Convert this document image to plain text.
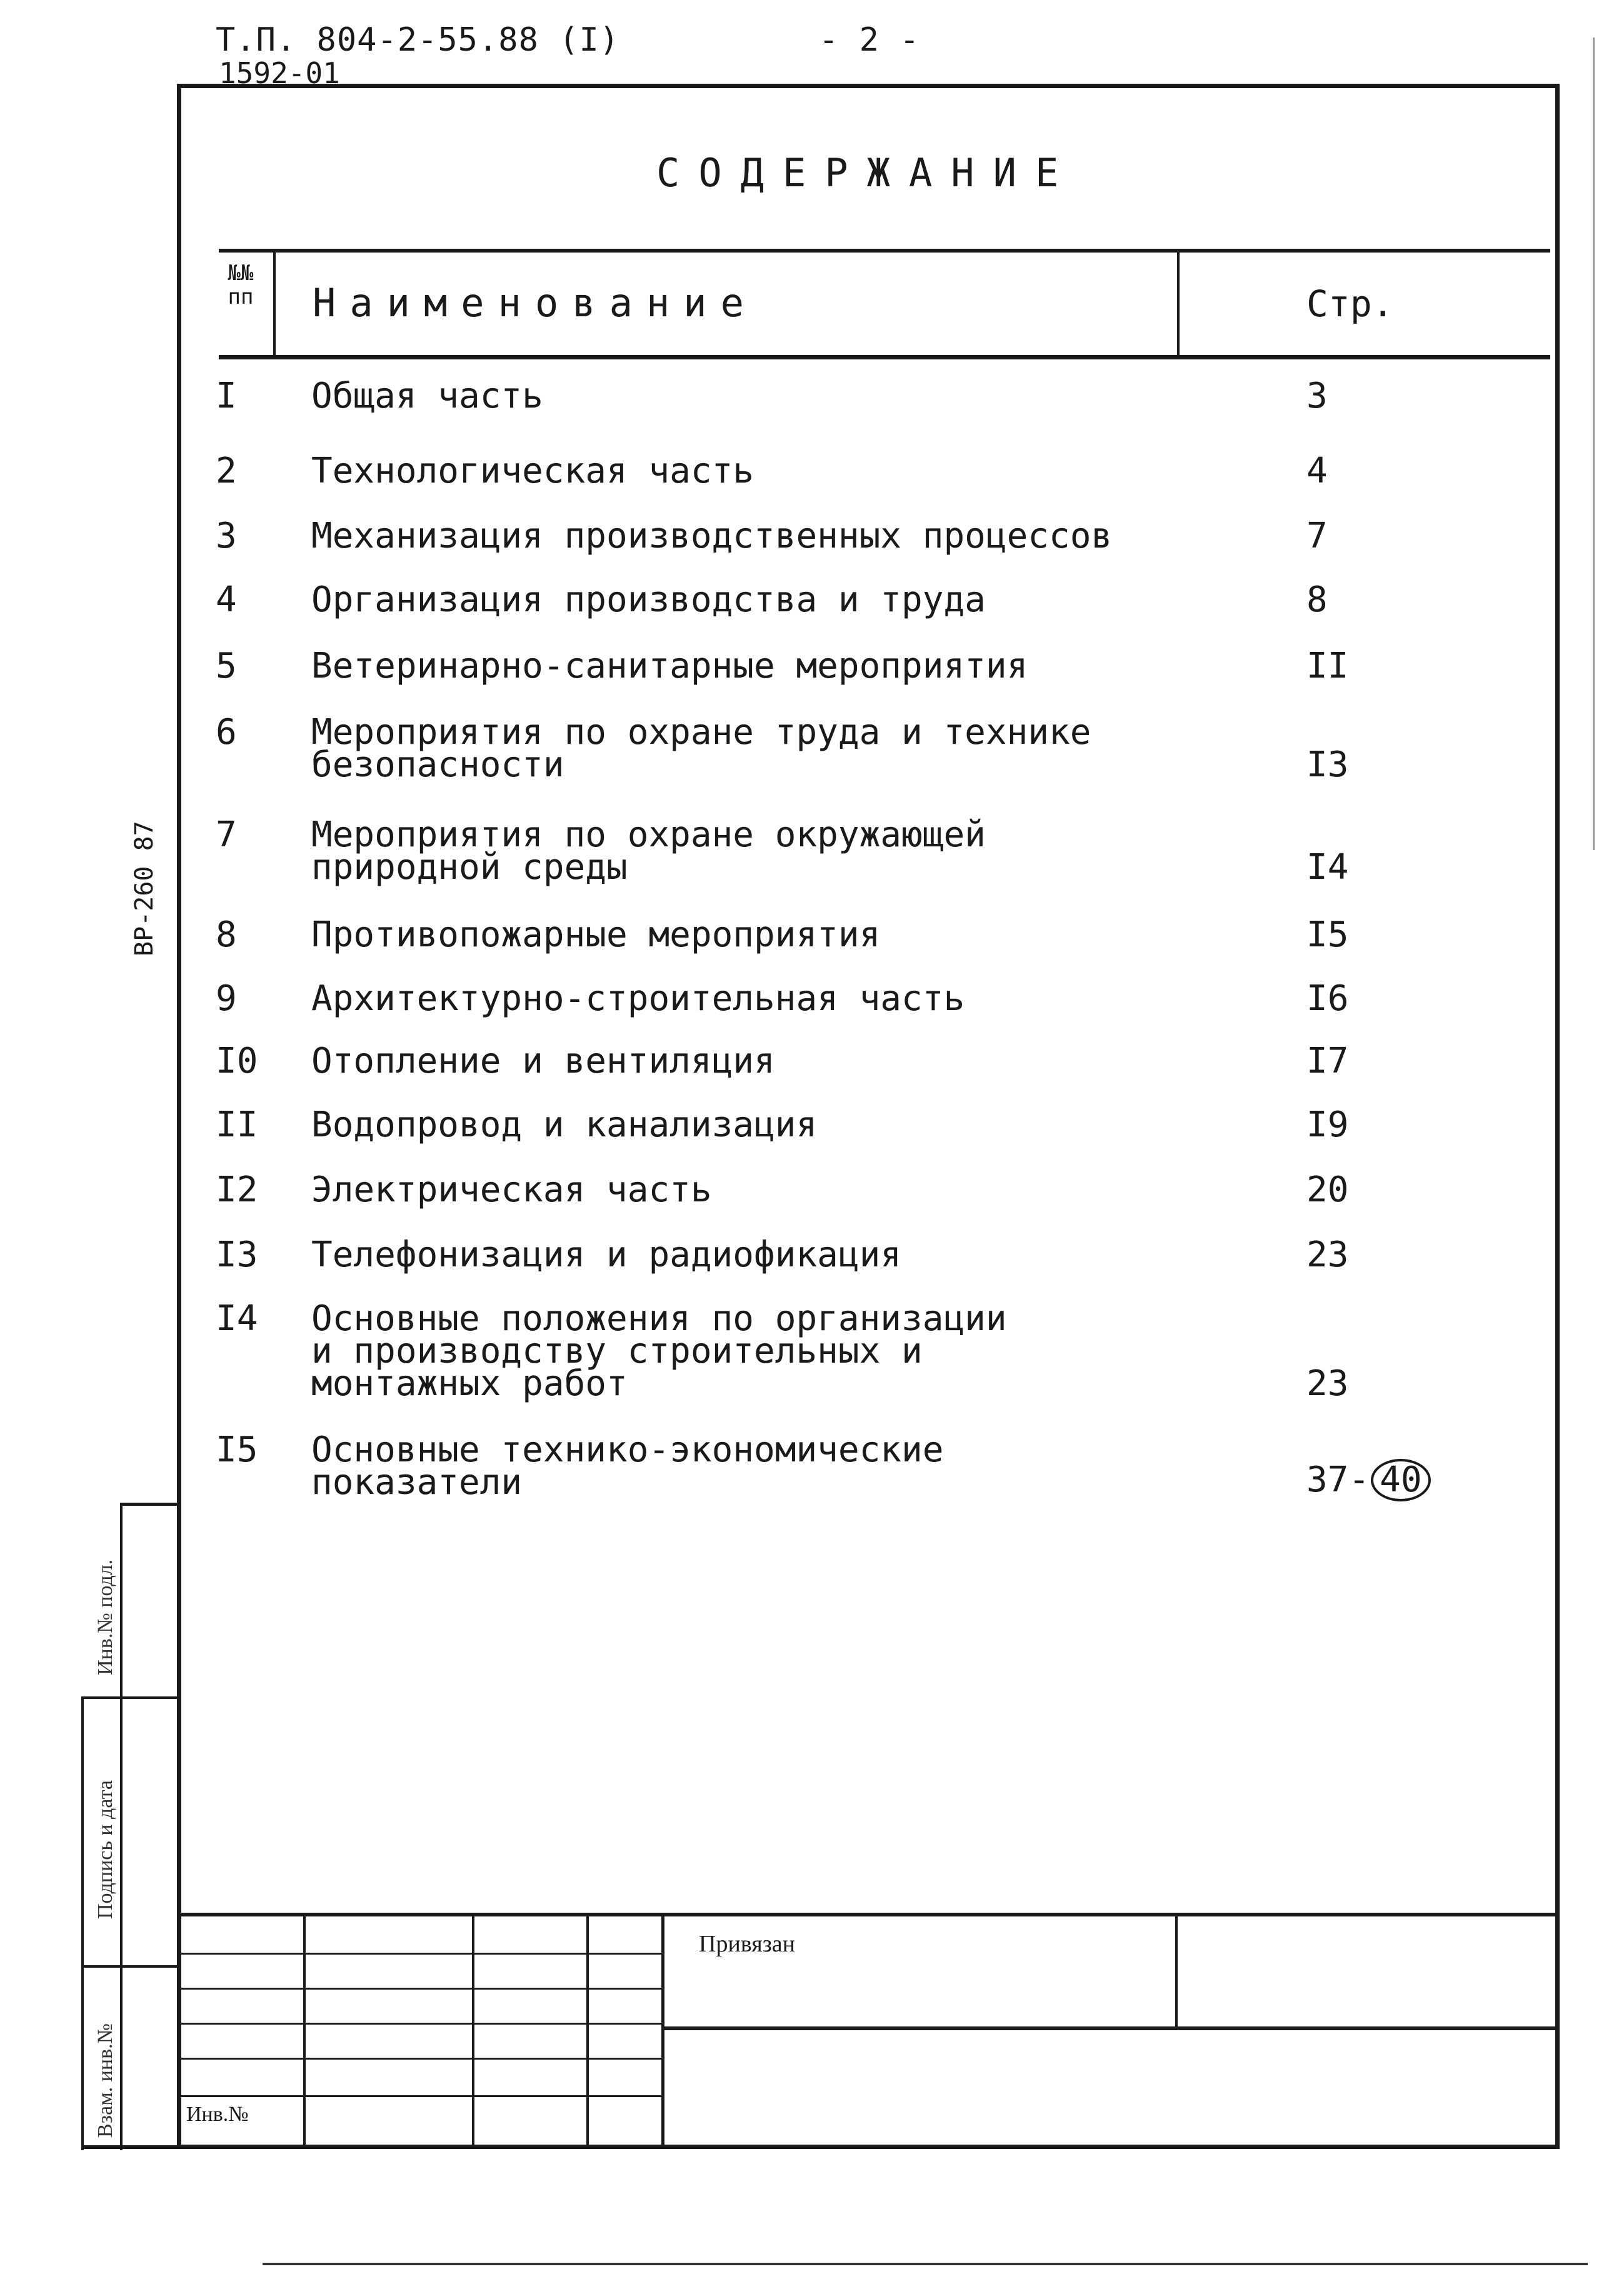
Т.П. 804-2-55.88 (I)	- 2 -
1592-01
СОДЕРЖАНИЕ
№№
пп	Наименование	Стр.
I Общая часть	3
2 Технологическая часть	4
3 Механизация производственных процессов	7
4 Организация производства и труда	8
5 Ветеринарно-санитарные мероприятия	II
6 Мероприятия по охране труда и технике
безопасности	I3
7 Мероприятия по охране окружающей
природной среды	I4
8 Противопожарные мероприятия	I5
9 Архитектурно-строительная часть	I6
I0 Отопление и вентиляция	I7
II Водопровод и канализация	I9
I2 Электрическая часть	20
I3 Телефонизация и радиофикация	23
I4 Основные положения по организации
и производству строительных и
монтажных работ	23
I5 Основные технико-экономические
показатели	37- 40
ВР-260 87
Инв.№ подл.
Подпись и дата
Взам. инв.№
Привязан
Инв.№
